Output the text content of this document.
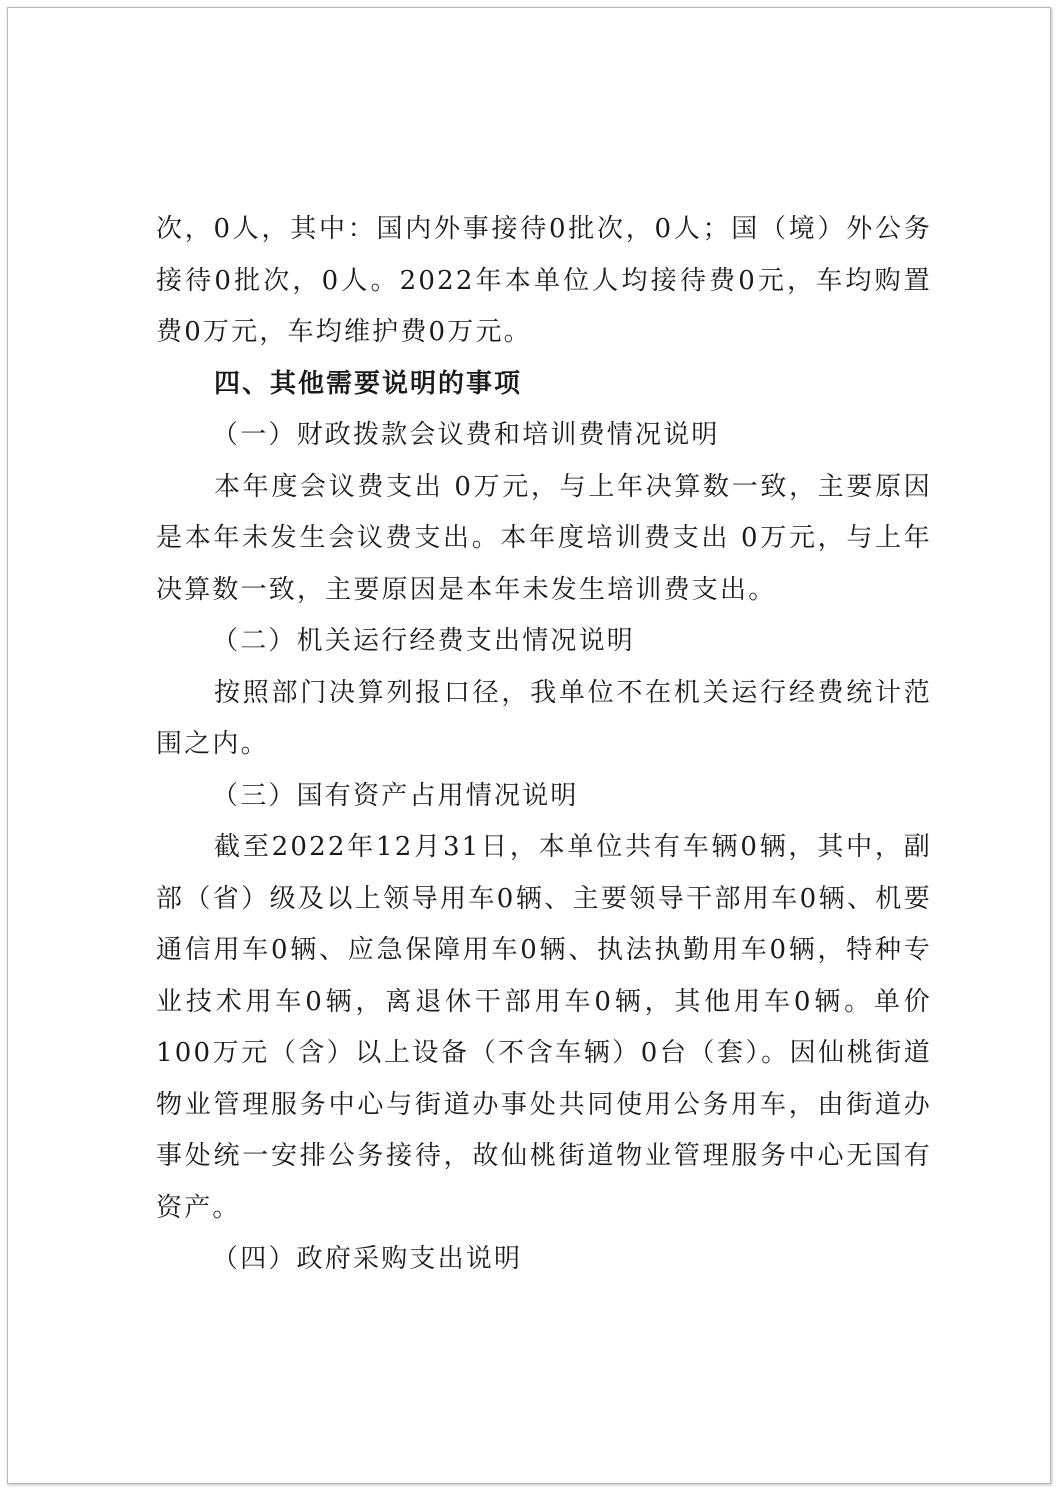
次，0人，其中：国内外事接待0批次，0人；国（境）外公务接待0批次，0人。2022年本单位人均接待费0元，车均购置费0万元，车均维护费0万元。

四、其他需要说明的事项

（一）财政拨款会议费和培训费情况说明

本年度会议费支出 0万元，与上年决算数一致，主要原因是本年未发生会议费支出。本年度培训费支出 0万元，与上年决算数一致，主要原因是本年未发生培训费支出。

（二）机关运行经费支出情况说明

按照部门决算列报口径，我单位不在机关运行经费统计范围之内。

（三）国有资产占用情况说明

截至2022年12月31日，本单位共有车辆0辆，其中，副部（省）级及以上领导用车0辆、主要领导干部用车0辆、机要通信用车0辆、应急保障用车0辆、执法执勤用车0辆，特种专业技术用车0辆，离退休干部用车0辆，其他用车0辆。单价100万元（含）以上设备（不含车辆）0台（套）。因仙桃街道物业管理服务中心与街道办事处共同使用公务用车，由街道办事处统一安排公务接待，故仙桃街道物业管理服务中心无国有资产。

（四）政府采购支出说明
